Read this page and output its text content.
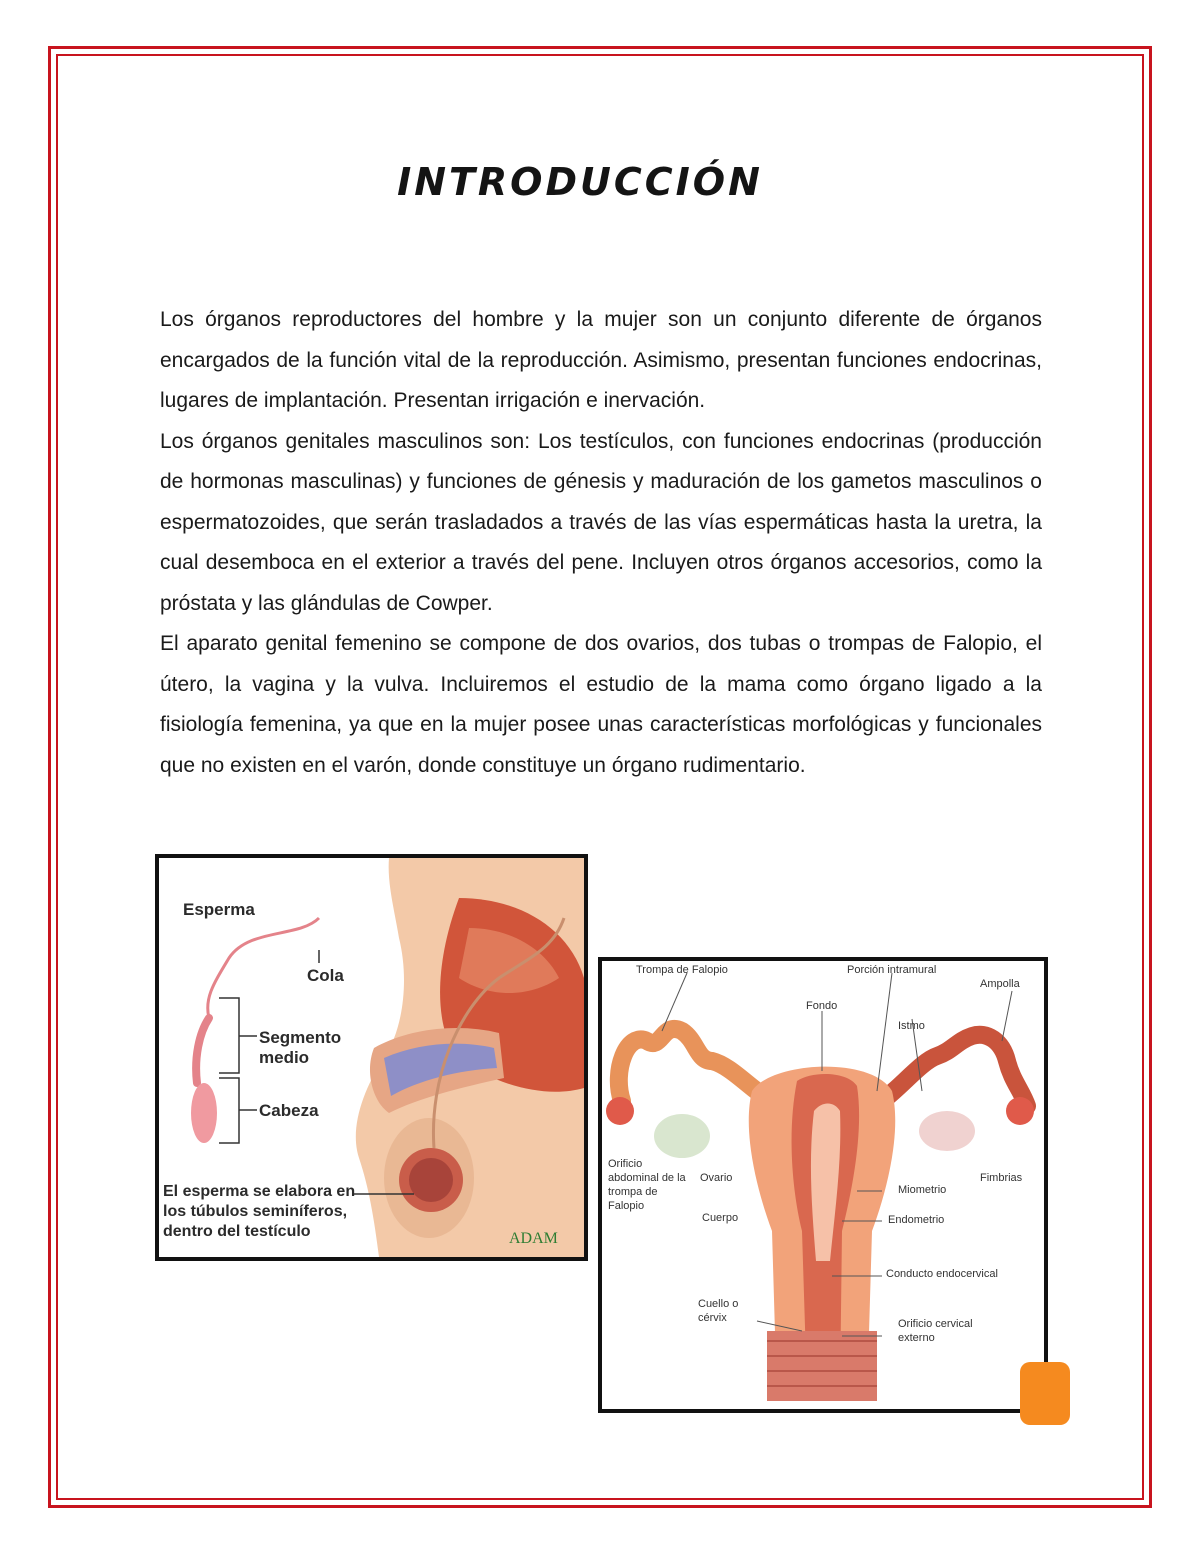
INTRODUCCIÓN

Los órganos reproductores del hombre y la mujer son un conjunto diferente de órganos encargados de la función vital de la reproducción. Asimismo, presentan funciones endocrinas, lugares de implantación. Presentan irrigación e inervación.

Los órganos genitales masculinos son: Los testículos, con funciones endocrinas (producción de hormonas masculinas) y funciones de génesis y maduración de los gametos masculinos o espermatozoides, que serán trasladados a través de las vías espermáticas hasta la uretra, la cual desemboca en el exterior a través del pene. Incluyen otros órganos accesorios, como la próstata y las glándulas de Cowper.

El aparato genital femenino se compone de dos ovarios, dos tubas o trompas de Falopio, el útero, la vagina y la vulva. Incluiremos el estudio de la mama como órgano ligado a la fisiología femenina, ya que en la mujer posee unas características morfológicas y funcionales que no existen en el varón, donde constituye un órgano rudimentario.

Esperma
Cola
Segmento medio
Cabeza
El esperma se elabora en los túbulos seminíferos, dentro del testículo	ADAM
Trompa de Falopio	Porción intramural
Ampolla
Fondo
Istmo
Orificio abdominal de la trompa de Falopio
Ovario	Fimbrias
Miometrio
Cuerpo	Endometrio
Conducto endocervical
Cuello o cérvix	Orificio cervical externo
